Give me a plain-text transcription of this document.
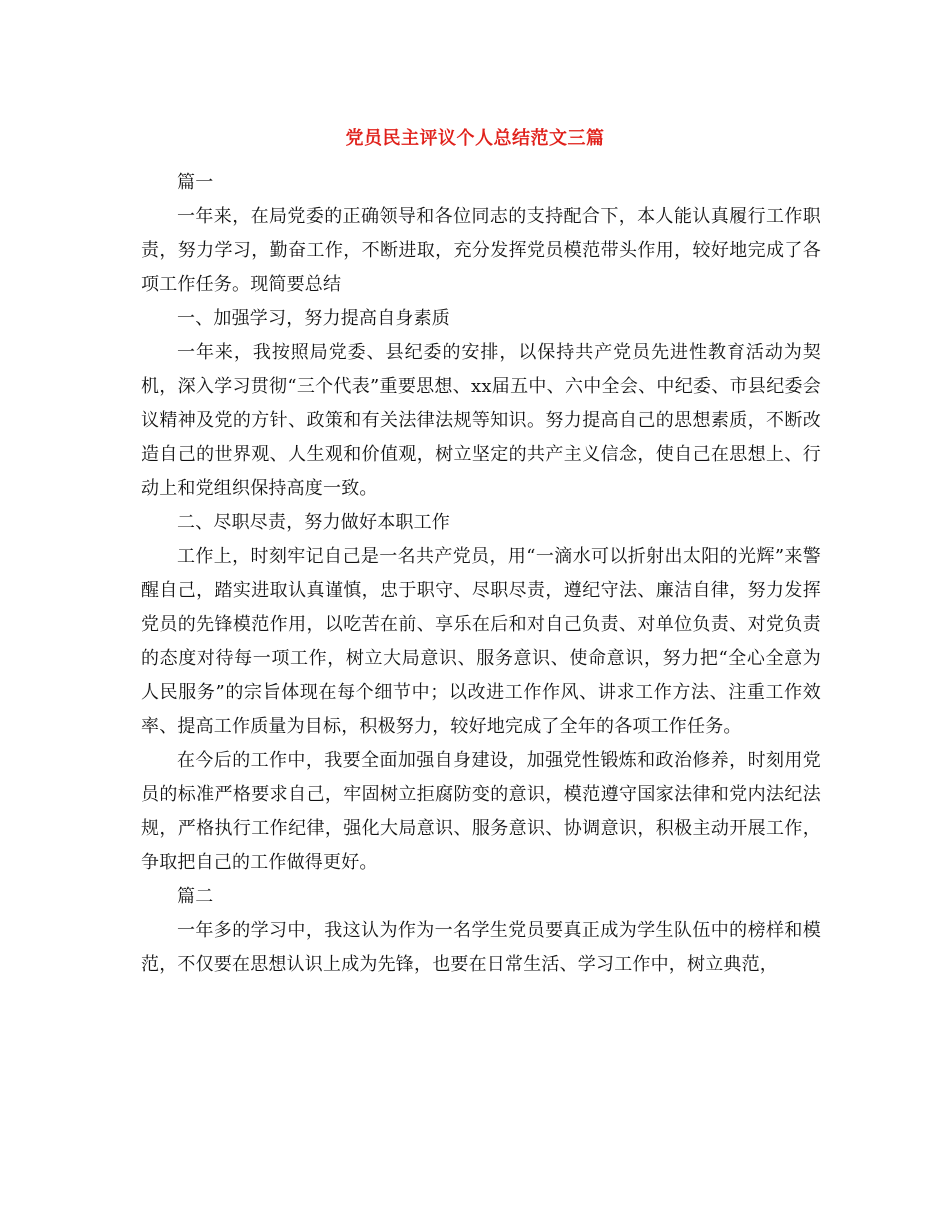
党员民主评议个人总结范文三篇

篇一

一年来，在局党委的正确领导和各位同志的支持配合下，本人能认真履行工作职责，努力学习，勤奋工作，不断进取，充分发挥党员模范带头作用，较好地完成了各项工作任务。现简要总结

一、加强学习，努力提高自身素质

一年来，我按照局党委、县纪委的安排，以保持共产党员先进性教育活动为契机，深入学习贯彻“三个代表”重要思想、xx届五中、六中全会、中纪委、市县纪委会议精神及党的方针、政策和有关法律法规等知识。努力提高自己的思想素质，不断改造自己的世界观、人生观和价值观，树立坚定的共产主义信念，使自己在思想上、行动上和党组织保持高度一致。

二、尽职尽责，努力做好本职工作

工作上，时刻牢记自己是一名共产党员，用“一滴水可以折射出太阳的光辉”来警醒自己，踏实进取认真谨慎，忠于职守、尽职尽责，遵纪守法、廉洁自律，努力发挥党员的先锋模范作用，以吃苦在前、享乐在后和对自己负责、对单位负责、对党负责的态度对待每一项工作，树立大局意识、服务意识、使命意识，努力把“全心全意为人民服务”的宗旨体现在每个细节中；以改进工作作风、讲求工作方法、注重工作效率、提高工作质量为目标，积极努力，较好地完成了全年的各项工作任务。

在今后的工作中，我要全面加强自身建设，加强党性锻炼和政治修养，时刻用党员的标准严格要求自己，牢固树立拒腐防变的意识，模范遵守国家法律和党内法纪法规，严格执行工作纪律，强化大局意识、服务意识、协调意识，积极主动开展工作，争取把自己的工作做得更好。

篇二

一年多的学习中，我这认为作为一名学生党员要真正成为学生队伍中的榜样和模范，不仅要在思想认识上成为先锋，也要在日常生活、学习工作中，树立典范，
